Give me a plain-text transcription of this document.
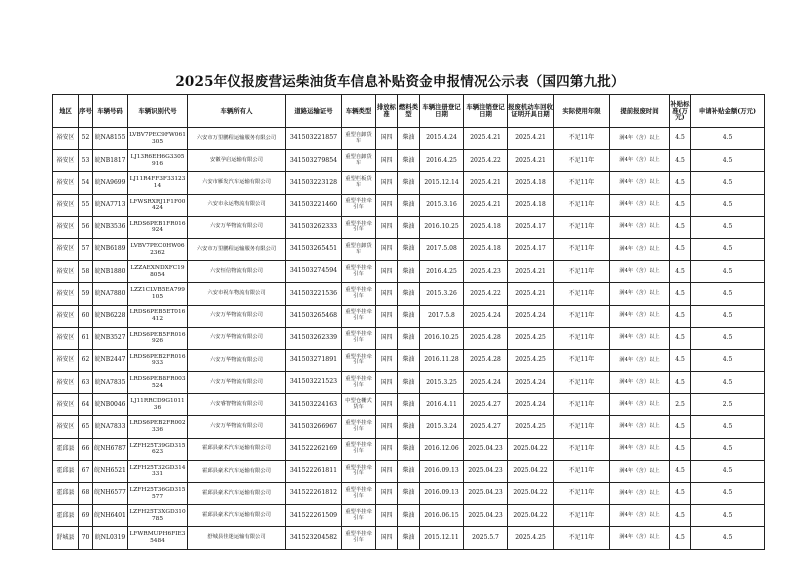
2025年仪报废营运柴油货车信息补贴资金申报情况公示表（国四第九批）
地区	序号	车辆号码	车辆识别代号	车辆所有人	道路运输证号	车辆类型	排放标准	燃料类型	车辆注册登记日期	车辆注销登记日期	报废机动车回收证明开具日期	实际使用年限	提前报废时间	补贴标准(万元)	申请补贴金额(万元)
裕安区	52	皖NA8155	LVBV7PEC9FW061305	六安市万里鹏程运输服务有限公司	341503221857	重型自卸货车	国四	柴油	2015.4.24	2025.4.21	2025.4.21	不足11年	满4年（含）以上	4.5	4.5
裕安区	53	皖NB1817	LJ13R6EH6G3305916	安徽孕启运输有限公司	341503279854	重型自卸货车	国四	柴油	2016.4.25	2025.4.22	2025.4.21	不足11年	满4年（含）以上	4.5	4.5
裕安区	54	皖NA9699	LJ11R4FF3F3312314	六安市雁发汽车运输有限公司	341503223128	重型栏板货车	国四	柴油	2015.12.14	2025.4.21	2025.4.18	不足11年	满4年（含）以上	4.5	4.5
裕安区	55	皖NA7713	LFWSRXRJ1F1F00424	六安市永运物流有限公司	341503221460	重型半挂牵引车	国四	柴油	2015.3.16	2025.4.21	2025.4.18	不足11年	满4年（含）以上	4.5	4.5
裕安区	56	皖NB3536	LRDS6PEB1FR016924	六安万华物流有限公司	341503262333	重型半挂牵引车	国四	柴油	2016.10.25	2025.4.18	2025.4.17	不足11年	满4年（含）以上	4.5	4.5
裕安区	57	皖NB6189	LVBV7PEC0HW062362	六安市万里鹏程运输服务有限公司	341503265451	重型自卸货车	国四	柴油	2017.5.08	2025.4.18	2025.4.17	不足11年	满4年（含）以上	4.5	4.5
裕安区	58	皖NB1880	LZZAEXNDXFC198054	六安恒信物流有限公司	341503274594	重型半挂牵引车	国四	柴油	2016.4.25	2025.4.23	2025.4.21	不足11年	满4年（含）以上	4.5	4.5
裕安区	59	皖NA7880	LZZ1CLVB5EA799105	六安市祝车物流有限公司	341503221536	重型半挂牵引车	国四	柴油	2015.3.26	2025.4.22	2025.4.21	不足11年	满4年（含）以上	4.5	4.5
裕安区	60	皖NB6228	LRDS6PEB5ET016412	六安万华物流有限公司	341503265468	重型半挂牵引车	国四	柴油	2017.5.8	2025.4.24	2025.4.24	不足11年	满4年（含）以上	4.5	4.5
裕安区	61	皖NB3527	LRDS6PEB5FR016926	六安万华物流有限公司	341503262339	重型半挂牵引车	国四	柴油	2016.10.25	2025.4.28	2025.4.25	不足11年	满4年（含）以上	4.5	4.5
裕安区	62	皖NB2447	LRDS6PEB2FR016933	六安万华物流有限公司	341503271891	重型半挂牵引车	国四	柴油	2016.11.28	2025.4.28	2025.4.25	不足11年	满4年（含）以上	4.5	4.5
裕安区	63	皖NA7835	LRDS6PEB8FR003524	六安万华物流有限公司	341503221523	重型半挂牵引车	国四	柴油	2015.3.25	2025.4.24	2025.4.24	不足11年	满4年（含）以上	4.5	4.5
裕安区	64	皖NB0046	LJ11RRCD9G101136	六安睿智物流有限公司	341503224163	中型仓栅式货车	国四	柴油	2016.4.11	2025.4.27	2025.4.24	不足11年	满4年（含）以上	2.5	2.5
裕安区	65	皖NA7833	LRDS6PEB2FR002336	六安万华物流有限公司	341503266967	重型半挂牵引车	国四	柴油	2015.3.24	2025.4.27	2025.4.25	不足11年	满4年（含）以上	4.5	4.5
霍邱县	66	皖NH6787	LZFH25T39GD315623	霍邱县豪术汽车运输有限公司	341522262169	重型半挂牵引车	国四	柴油	2016.12.06	2025.04.23	2025.04.22	不足11年	满4年（含）以上	4.5	4.5
霍邱县	67	皖NH6521	LZFH25T32GD314331	霍邱县豪术汽车运输有限公司	341522261811	重型半挂牵引车	国四	柴油	2016.09.13	2025.04.23	2025.04.22	不足11年	满4年（含）以上	4.5	4.5
霍邱县	68	皖NH6577	LZFH25T36GD315577	霍邱县豪术汽车运输有限公司	341522261812	重型半挂牵引车	国四	柴油	2016.09.13	2025.04.23	2025.04.22	不足11年	满4年（含）以上	4.5	4.5
霍邱县	69	皖NH6401	LZFH25T3XGD310785	霍邱县豪术汽车运输有限公司	341522261509	重型半挂牵引车	国四	柴油	2016.06.15	2025.04.23	2025.04.22	不足11年	满4年（含）以上	4.5	4.5
舒城县	70	皖NL0319	LFWRMUPH6FIE35484	舒城县佳迷运输有限公司	341523204582	重型半挂牵引车	国四	柴油	2015.12.11	2025.5.7	2025.4.25	不足11年	满4年（含）以上	4.5	4.5
